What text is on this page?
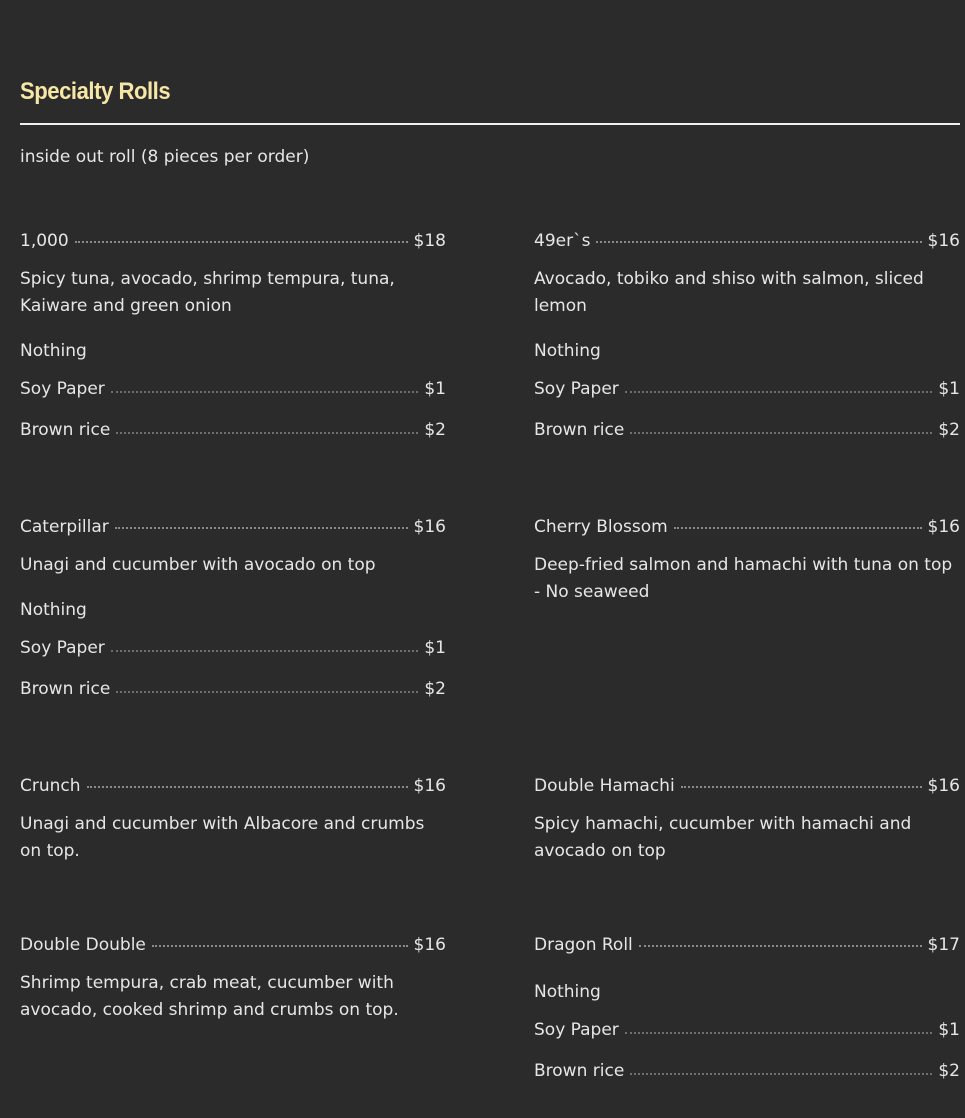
Specialty Rolls
inside out roll (8 pieces per order)
1,000	$18
Spicy tuna, avocado, shrimp tempura, tuna, Kaiware and green onion
Nothing
Soy Paper	$1
Brown rice	$2
Caterpillar	$16
Unagi and cucumber with avocado on top
Nothing
Soy Paper	$1
Brown rice	$2
Crunch	$16
Unagi and cucumber with Albacore and crumbs on top.
Double Double	$16
Shrimp tempura, crab meat, cucumber with avocado, cooked shrimp and crumbs on top.
49er`s	$16
Avocado, tobiko and shiso with salmon, sliced lemon
Nothing
Soy Paper	$1
Brown rice	$2
Cherry Blossom	$16
Deep-fried salmon and hamachi with tuna on top - No seaweed
Double Hamachi	$16
Spicy hamachi, cucumber with hamachi and avocado on top
Dragon Roll	$17
Nothing
Soy Paper	$1
Brown rice	$2
